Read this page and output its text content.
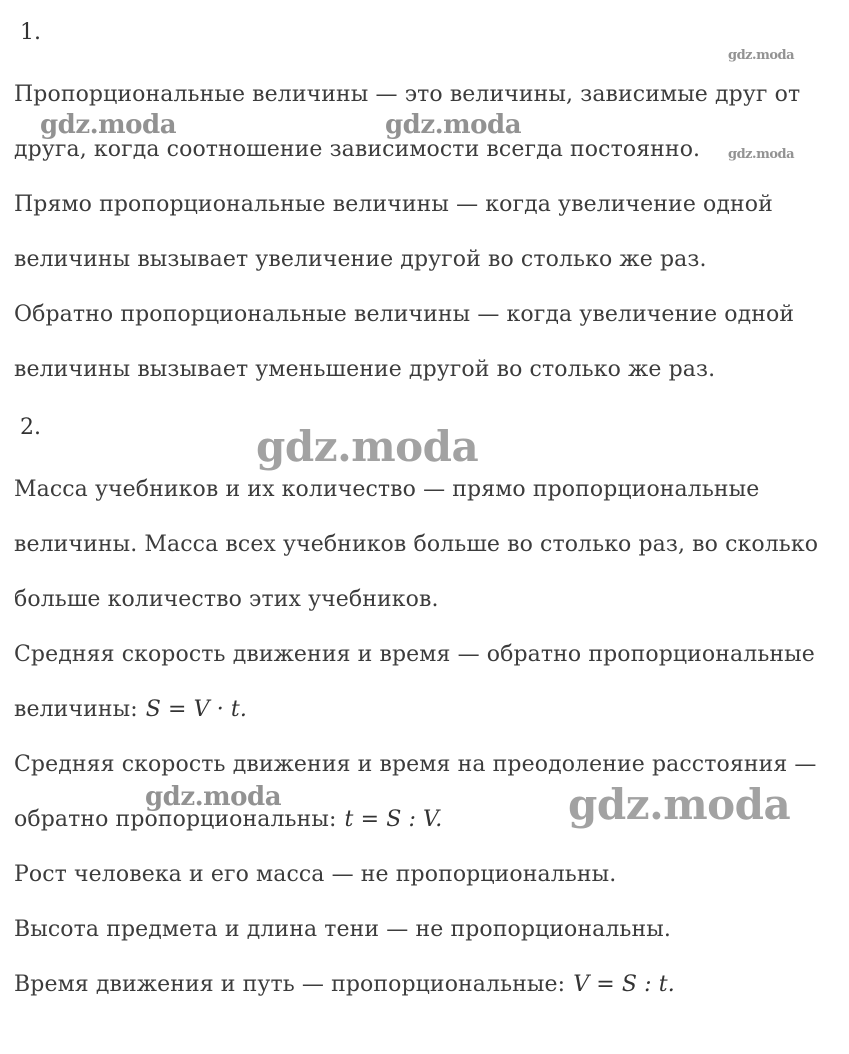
1.
Пропорциональные величины — это величины, зависимые друг от
друга, когда соотношение зависимости всегда постоянно.
Прямо пропорциональные величины — когда увеличение одной
величины вызывает увеличение другой во столько же раз.
Обратно пропорциональные величины — когда увеличение одной
величины вызывает уменьшение другой во столько же раз.
2.
Масса учебников и их количество — прямо пропорциональные
величины. Масса всех учебников больше во столько раз, во сколько
больше количество этих учебников.
Средняя скорость движения и время — обратно пропорциональные
величины: S = V · t.
Средняя скорость движения и время на преодоление расстояния —
обратно пропорциональны: t = S : V.
Рост человека и его масса — не пропорциональны.
Высота предмета и длина тени — не пропорциональны.
Время движения и путь — пропорциональные: V = S : t.
gdz.moda
gdz.moda	gdz.moda
gdz.moda
gdz.moda
gdz.moda	gdz.moda
